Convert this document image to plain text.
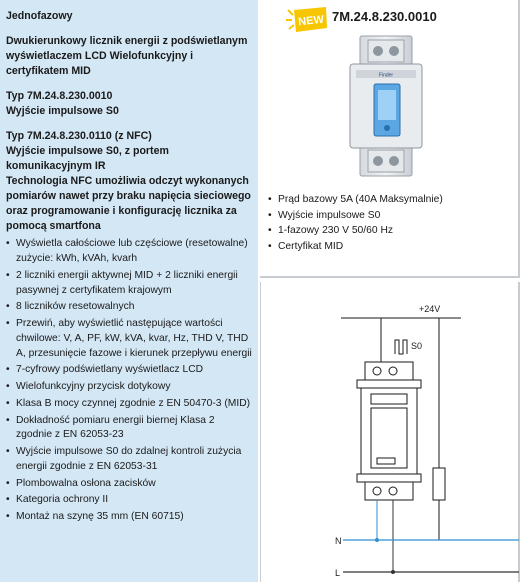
Jednofazowy

Dwukierunkowy licznik energii z podświetlanym wyświetlaczem LCD Wielofunkcyjny i certyfikatem MID

Typ 7M.24.8.230.0010

Wyjście impulsowe S0

Typ 7M.24.8.230.0110 (z NFC)

Wyjście impulsowe S0, z portem komunikacyjnym IR

Technologia NFC umożliwia odczyt wykonanych pomiarów nawet przy braku napięcia sieciowego oraz programowanie i konfigurację licznika za pomocą smartfona

• Wyświetla całościowe lub częściowe (resetowalne) zużycie: kWh, kVAh, kvarh
• 2 liczniki energii aktywnej MID + 2 liczniki energii pasywnej z certyfikatem krajowym
• 8 liczników resetowalnych
• Przewiń, aby wyświetlić następujące wartości chwilowe: V, A, PF, kW, kVA, kvar, Hz, THD V, THD A, przesunięcie fazowe i kierunek przepływu energii
• 7-cyfrowy podświetlany wyświetlacz LCD
• Wielofunkcyjny przycisk dotykowy
• Klasa B mocy czynnej zgodnie z EN 50470-3 (MID)
• Dokładność pomiaru energii biernej Klasa 2 zgodnie z EN 62053-23
• Wyjście impulsowe S0 do zdalnej kontroli zużycia energii zgodnie z EN 62053-31
• Plombowalna osłona zacisków
• Kategoria ochrony II
• Montaż na szynę 35 mm (EN 60715)
NEW 7M.24.8.230.0010
Finder
• Prąd bazowy 5A (40A Maksymalnie)
• Wyjście impulsowe S0
• 1-fazowy 230 V 50/60 Hz
• Certyfikat MID
+24V
S0
N
L
